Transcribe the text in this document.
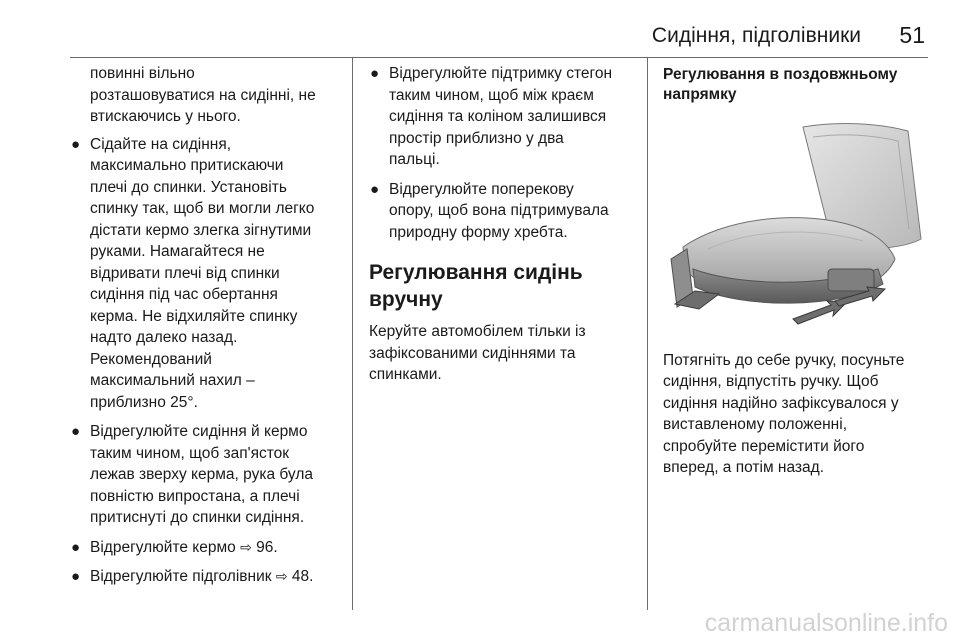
Сидіння, підголівники 51
повинні вільно
розташовуватися на сидінні, не
втискаючись у нього.
● Сідайте на сидіння,
максимально притискаючи
плечі до спинки. Установіть
спинку так, щоб ви могли легко
дістати кермо злегка зігнутими
руками. Намагайтеся не
відривати плечі від спинки
сидіння під час обертання
керма. Не відхиляйте спинку
надто далеко назад.
Рекомендований
максимальний нахил –
приблизно 25°.
● Відрегулюйте сидіння й кермо
таким чином, щоб зап'ясток
лежав зверху керма, рука була
повністю випростана, а плечі
притиснуті до спинки сидіння.
● Відрегулюйте кермо ⇨ 96.
● Відрегулюйте підголівник ⇨ 48.
● Відрегулюйте підтримку стегон
таким чином, щоб між краєм
сидіння та коліном залишився
простір приблизно у два
пальці.
● Відрегулюйте поперекову
опору, щоб вона підтримувала
природну форму хребта.
Регулювання сидінь
вручну
Керуйте автомобілем тільки із
зафіксованими сидіннями та
спинками.
Регулювання в поздовжньому
напрямку
Потягніть до себе ручку, посуньте
сидіння, відпустіть ручку. Щоб
сидіння надійно зафіксувалося у
виставленому положенні,
спробуйте перемістити його
вперед, а потім назад.
carmanualsonline.info
